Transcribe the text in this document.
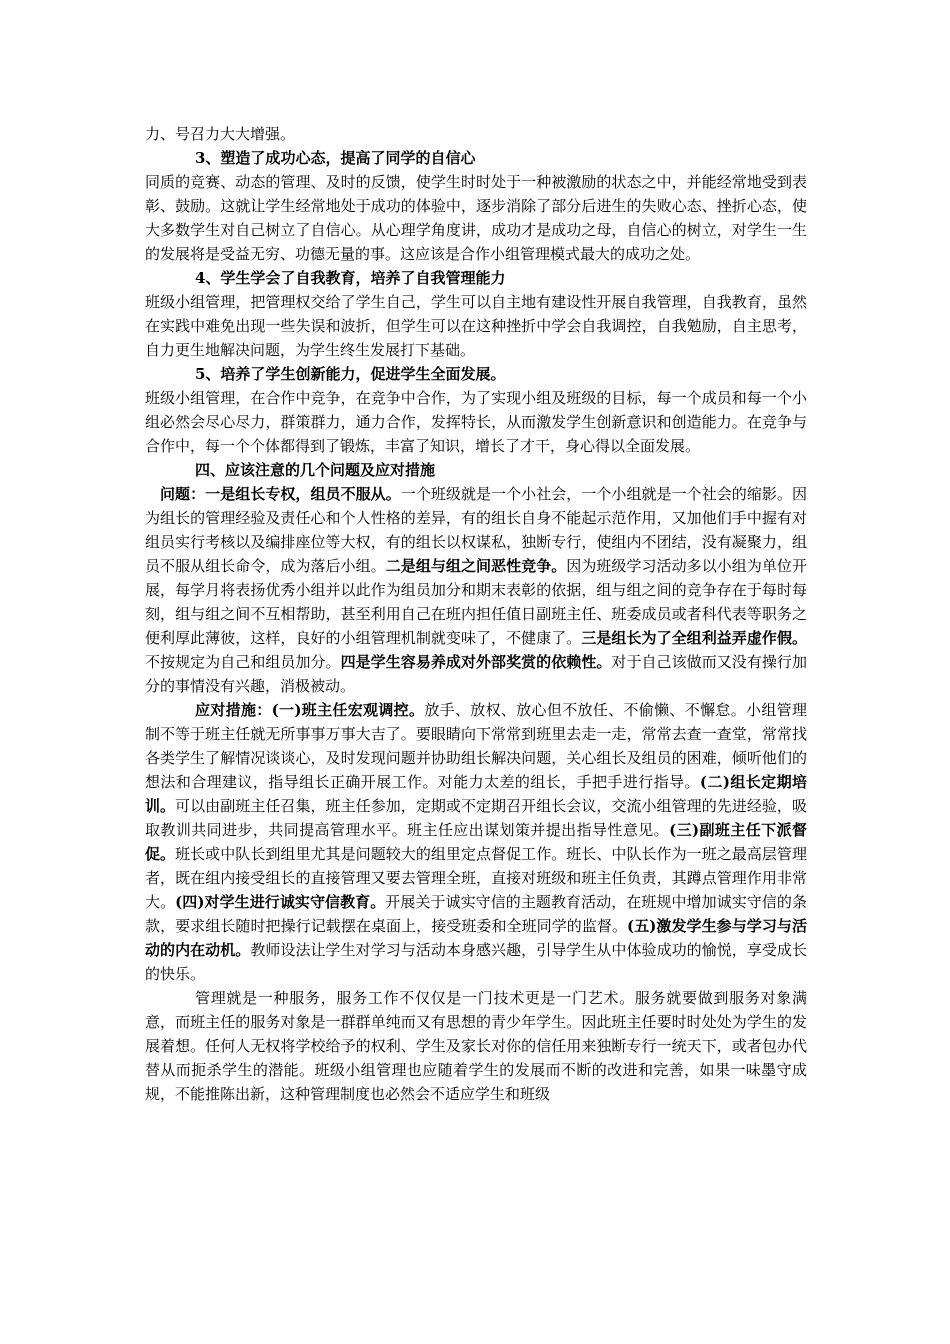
力、号召力大大增强。

3、塑造了成功心态，提高了同学的自信心

同质的竞赛、动态的管理、及时的反馈，使学生时时处于一种被激励的状态之中，并能经常地受到表彰、鼓励。这就让学生经常地处于成功的体验中，逐步消除了部分后进生的失败心态、挫折心态，使大多数学生对自己树立了自信心。从心理学角度讲，成功才是成功之母，自信心的树立，对学生一生的发展将是受益无穷、功德无量的事。这应该是合作小组管理模式最大的成功之处。

4、学生学会了自我教育，培养了自我管理能力

班级小组管理，把管理权交给了学生自己，学生可以自主地有建设性开展自我管理，自我教育，虽然在实践中难免出现一些失误和波折，但学生可以在这种挫折中学会自我调控，自我勉励，自主思考，自力更生地解决问题，为学生终生发展打下基础。

5、培养了学生创新能力，促进学生全面发展。

班级小组管理，在合作中竞争，在竞争中合作，为了实现小组及班级的目标，每一个成员和每一个小组必然会尽心尽力，群策群力，通力合作，发挥特长，从而激发学生创新意识和创造能力。在竞争与合作中，每一个个体都得到了锻炼，丰富了知识，增长了才干，身心得以全面发展。

四、应该注意的几个问题及应对措施

问题：一是组长专权，组员不服从。一个班级就是一个小社会，一个小组就是一个社会的缩影。因为组长的管理经验及责任心和个人性格的差异，有的组长自身不能起示范作用，又加他们手中握有对组员实行考核以及编排座位等大权，有的组长以权谋私，独断专行，使组内不团结，没有凝聚力，组员不服从组长命令，成为落后小组。二是组与组之间恶性竞争。因为班级学习活动多以小组为单位开展，每学月将表扬优秀小组并以此作为组员加分和期末表彰的依据，组与组之间的竞争存在于每时每刻，组与组之间不互相帮助，甚至利用自己在班内担任值日副班主任、班委成员或者科代表等职务之便利厚此薄彼，这样，良好的小组管理机制就变味了，不健康了。三是组长为了全组利益弄虚作假。不按规定为自己和组员加分。四是学生容易养成对外部奖赏的依赖性。对于自己该做而又没有操行加分的事情没有兴趣，消极被动。

应对措施：(一)班主任宏观调控。放手、放权、放心但不放任、不偷懒、不懈怠。小组管理制不等于班主任就无所事事万事大吉了。要眼睛向下常常到班里去走一走，常常去查一查堂，常常找各类学生了解情况谈谈心，及时发现问题并协助组长解决问题，关心组长及组员的困难，倾听他们的想法和合理建议，指导组长正确开展工作。对能力太差的组长，手把手进行指导。(二)组长定期培训。可以由副班主任召集，班主任参加，定期或不定期召开组长会议，交流小组管理的先进经验，吸取教训共同进步，共同提高管理水平。班主任应出谋划策并提出指导性意见。(三)副班主任下派督促。班长或中队长到组里尤其是问题较大的组里定点督促工作。班长、中队长作为一班之最高层管理者，既在组内接受组长的直接管理又要去管理全班，直接对班级和班主任负责，其蹲点管理作用非常大。(四)对学生进行诚实守信教育。开展关于诚实守信的主题教育活动，在班规中增加诚实守信的条款，要求组长随时把操行记载摆在桌面上，接受班委和全班同学的监督。(五)激发学生参与学习与活动的内在动机。教师设法让学生对学习与活动本身感兴趣，引导学生从中体验成功的愉悦，享受成长的快乐。

管理就是一种服务，服务工作不仅仅是一门技术更是一门艺术。服务就要做到服务对象满意，而班主任的服务对象是一群群单纯而又有思想的青少年学生。因此班主任要时时处处为学生的发展着想。任何人无权将学校给予的权利、学生及家长对你的信任用来独断专行一统天下，或者包办代替从而扼杀学生的潜能。班级小组管理也应随着学生的发展而不断的改进和完善，如果一味墨守成规，不能推陈出新，这种管理制度也必然会不适应学生和班级
